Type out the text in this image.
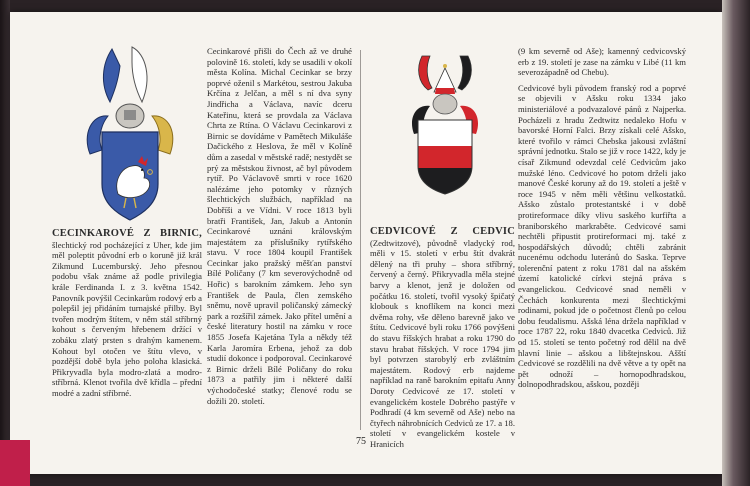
CECINKAROVÉ Z BIRNIC, šlechtický rod pocházející z Uher, kde jim měl poleptit původní erb o koruně již král Zikmund Lucemburský. Jeho přesnou podobu však známe až podle privilegia krále Ferdinanda I. z 3. května 1542. Panovník povýšil Cecinkarům rodový erb a polepšil jej přidáním turnajské přilby. Byl tvořen modrým štítem, v něm stál stříbrný kohout s červeným hřebenem držící v zobáku zlatý prsten s drahým kamenem. Kohout byl otočen ve štítu vlevo, v pozdější době byla jeho poloha klasická. Přikryvadla byla modro-zlatá a modro-stříbrná. Klenot tvořila dvě křídla – přední modré a zadní stříbrné.
Cecinkarové přišli do Čech až ve druhé polovině 16. století, kdy se usadili v okolí města Kolína. Michal Cecinkar se brzy poprvé oženil s Markétou, sestrou Jakuba Krčína z Jelčan, a měl s ní dva syny Jindřicha a Václava, navíc dceru Kateřinu, která se provdala za Václava Chrta ze Rtína. O Václavu Cecinkarovi z Birnic se dovídáme v Pamětech Mikuláše Dačického z Heslova, že měl v Kolíně dům a zasedal v městské radě; nestydět se prý za městskou živnost, ač byl původem rytíř. Po Václavově smrti v roce 1620 nalézáme jeho potomky v různých šlechtických službách, například na Dobříši a ve Vídni. V roce 1813 byli bratři František, Jan, Jakub a Antonín Cecinkarové uznáni královským majestátem za příslušníky rytířského stavu. V roce 1804 koupil František Cecinkar jako pražský měšťan panství Bílé Poličany (7 km severovýchodně od Hořic) s barokním zámkem. Jeho syn František de Paula, člen zemského sněmu, nově upravil poličanský zámecký park a rozšířil zámek. Jako přítel umění a české literatury hostil na zámku v roce 1855 Josefa Kajetána Tyla a někdy též Karla Jaromíra Erbena, jehož za dob studií dokonce i podporoval. Cecinkarové z Birnic drželi Bílé Poličany do roku 1873 a patřily jim i některé další východočeské statky; členové rodu se dožili 20. století.
CEDVICOVÉ Z CEDVIC (Zedtwitzové), původně vladycký rod, měli v 15. století v erbu štít dvakrát dělený na tři pruhy – shora stříbrný, červený a černý. Přikryvadla měla stejné barvy a klenot, jenž je doložen od počátku 16. století, tvořil vysoký špičatý klobouk s knoflíkem na konci mezi dvěma rohy, vše děleno barevně jako ve štítu. Cedvicové byli roku 1766 povýšeni do stavu říšských hrabat a roku 1790 do stavu hrabat říšských. V roce 1794 jim byl potvrzen starobylý erb zvláštním majestátem. Rodový erb najdeme například na raně barokním epitafu Anny Doroty Cedvicové ze 17. století v evangelickém kostele Dobrého pastýře v Podhradí (4 km severně od Aše) nebo na čtyřech náhrobnících Cedviců ze 17. a 18. století v evangelickém kostele v Hranicích
(9 km severně od Aše); kamenný cedvicovský erb z 19. století je zase na zámku v Libé (11 km severozápadně od Chebu).
Cedvicové byli původem franský rod a poprvé se objevili v Ašsku roku 1334 jako ministeriálové a podvazalové pánů z Najperka. Pocházeli z hradu Zedtwitz nedaleko Hofu v bavorské Horní Falci. Brzy získali celé Ašsko, které tvořilo v rámci Chebska jakousi zvláštní správní jednotku. Stalo se již v roce 1422, kdy je císař Zikmund odevzdal celé Cedvicům jako mužské léno. Cedvicové ho potom drželi jako manové České koruny až do 19. století a ještě v roce 1945 v něm měli většinu velkostatků. Ašsko zůstalo protestantské i v době protireformace díky vlivu saského kurfiřta a braniborského markraběte. Cedvicové sami nechtěli připustit protireformaci mj. také z hospodářských důvodů; chtěli zabránit nucenému odchodu luteránů do Saska. Teprve tolerenční patent z roku 1781 dal na ašském území katolické církvi stejná práva s evangelickou. Cedvicové snad neměli v Čechách konkurenta mezi šlechtickými rodinami, pokud jde o početnost členů po celou dobu feudalismu. Ašská léna držela například v roce 1787 22, roku 1840 dvacetka Cedviců. Již od 15. století se tento početný rod dělil na dvě hlavní linie – ašskou a libštejnskou. Ašští Cedvicové se rozdělili na dvě větve a ty opět na pět odnoží – hornopodhradskou, dolnopodhradskou, ašskou, později
75
